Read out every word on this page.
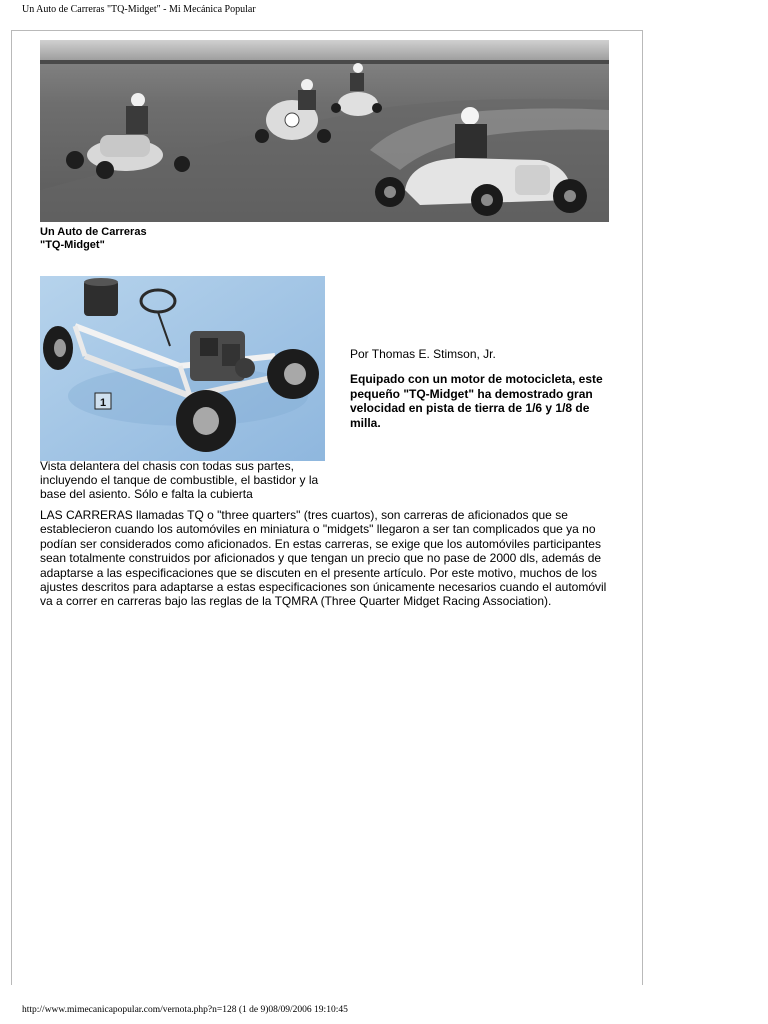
Un Auto de Carreras "TQ-Midget" - Mi Mecánica Popular
Un Auto de Carreras
"TQ-Midget"
1
Vista delantera del chasis con todas sus partes, incluyendo el tanque de combustible, el bastidor y la base del asiento. Sólo e falta la cubierta
Por Thomas E. Stimson, Jr.
Equipado con un motor de motocicleta, este pequeño "TQ-Midget" ha demostrado gran velocidad en pista de tierra de 1/6 y 1/8 de milla.
LAS CARRERAS llamadas TQ o "three quarters" (tres cuartos), son carreras de aficionados que se establecieron cuando los automóviles en miniatura o "midgets" llegaron a ser tan complicados que ya no podían ser considerados como aficionados. En estas carreras, se exige que los automóviles participantes sean totalmente construidos por aficionados y que tengan un precio que no pase de 2000 dls, además de adaptarse a las especificaciones que se discuten en el presente artículo. Por este motivo, muchos de los ajustes descritos para adaptarse a estas especificaciones son únicamente necesarios cuando el automóvil va a correr en carreras bajo las reglas de la TQMRA (Three Quarter Midget Racing Association).
http://www.mimecanicapopular.com/vernota.php?n=128 (1 de 9)08/09/2006 19:10:45
